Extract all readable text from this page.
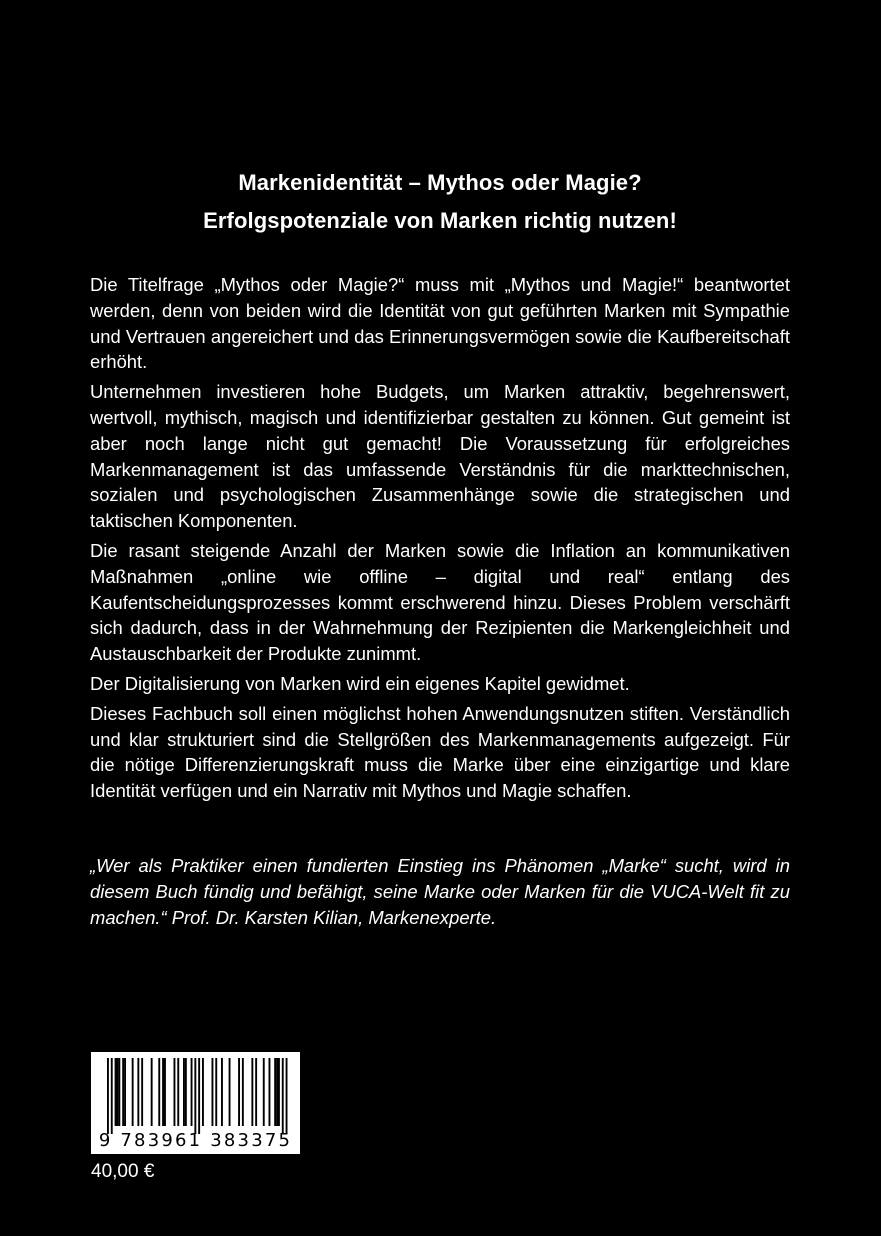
Markenidentität – Mythos oder Magie?
Erfolgspotenziale von Marken richtig nutzen!

Die Titelfrage „Mythos oder Magie?“ muss mit „Mythos und Magie!“ beantwortet werden, denn von beiden wird die Identität von gut geführten Marken mit Sympathie und Vertrauen angereichert und das Erinnerungsvermögen sowie die Kaufbereitschaft erhöht.

Unternehmen investieren hohe Budgets, um Marken attraktiv, begehrenswert, wertvoll, mythisch, magisch und identifizierbar gestalten zu können. Gut gemeint ist aber noch lange nicht gut gemacht! Die Voraussetzung für erfolgreiches Markenmanagement ist das umfassende Verständnis für die markttechnischen, sozialen und psychologischen Zusammenhänge sowie die strategischen und taktischen Komponenten.

Die rasant steigende Anzahl der Marken sowie die Inflation an kommunikativen Maßnahmen „online wie offline – digital und real“ entlang des Kaufentscheidungsprozesses kommt erschwerend hinzu. Dieses Problem verschärft sich dadurch, dass in der Wahrnehmung der Rezipienten die Markengleichheit und Austauschbarkeit der Produkte zunimmt.

Der Digitalisierung von Marken wird ein eigenes Kapitel gewidmet.

Dieses Fachbuch soll einen möglichst hohen Anwendungsnutzen stiften. Verständlich und klar strukturiert sind die Stellgrößen des Markenmanagements aufgezeigt. Für die nötige Differenzierungskraft muss die Marke über eine einzigartige und klare Identität verfügen und ein Narrativ mit Mythos und Magie schaffen.

„Wer als Praktiker einen fundierten Einstieg ins Phänomen „Marke“ sucht, wird in diesem Buch fündig und befähigt, seine Marke oder Marken für die VUCA-Welt fit zu machen.“ Prof. Dr. Karsten Kilian, Markenexperte.
9 783961 383375
40,00 €
